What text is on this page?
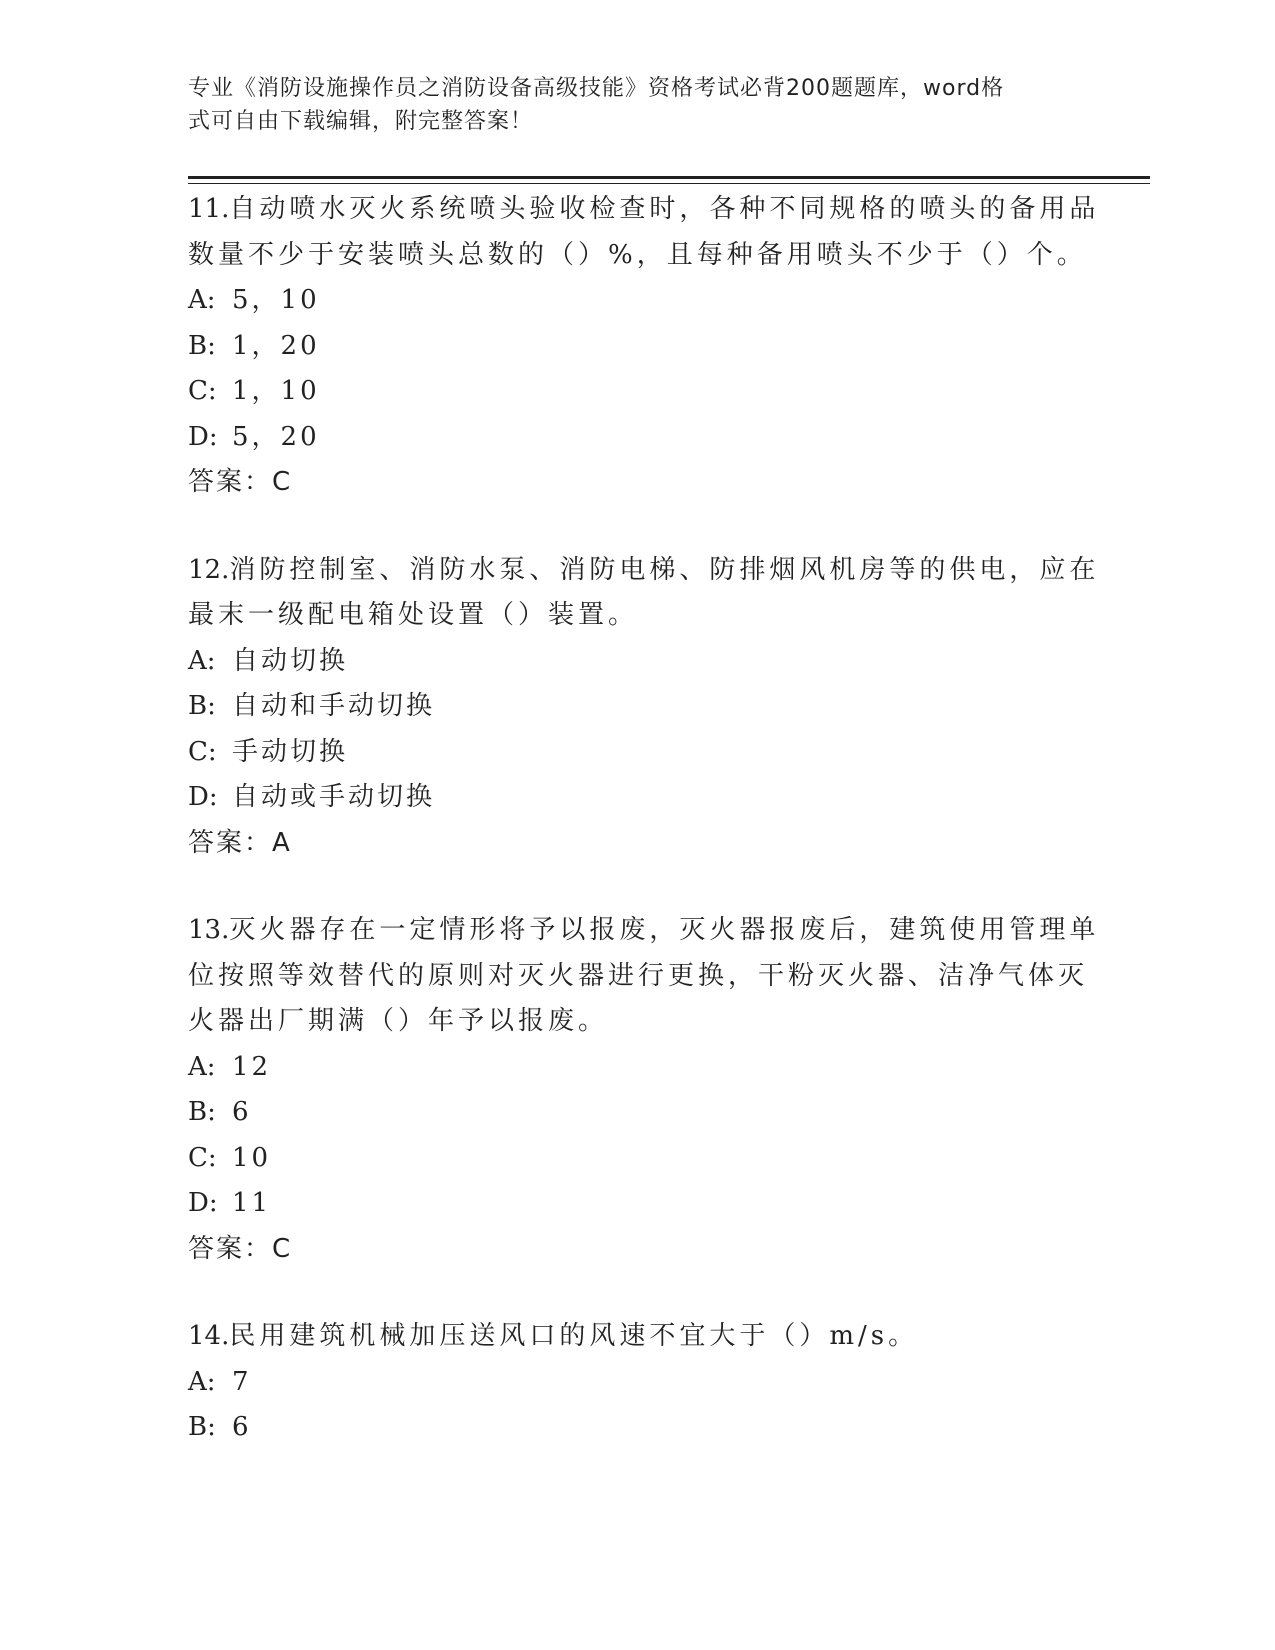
专业《消防设施操作员之消防设备高级技能》资格考试必背200题题库，word格
式可自由下载编辑，附完整答案！
11.自动喷水灭火系统喷头验收检查时，各种不同规格的喷头的备用品
数量不少于安装喷头总数的（）%，且每种备用喷头不少于（）个。
A: 5，10
B: 1，20
C: 1，10
D: 5，20
答案：C
12.消防控制室、消防水泵、消防电梯、防排烟风机房等的供电，应在
最末一级配电箱处设置（）装置。
A: 自动切换
B: 自动和手动切换
C: 手动切换
D: 自动或手动切换
答案：A
13.灭火器存在一定情形将予以报废，灭火器报废后，建筑使用管理单
位按照等效替代的原则对灭火器进行更换，干粉灭火器、洁净气体灭
火器出厂期满（）年予以报废。
A: 12
B: 6
C: 10
D: 11
答案：C
14.民用建筑机械加压送风口的风速不宜大于（）m/s。
A: 7
B: 6
